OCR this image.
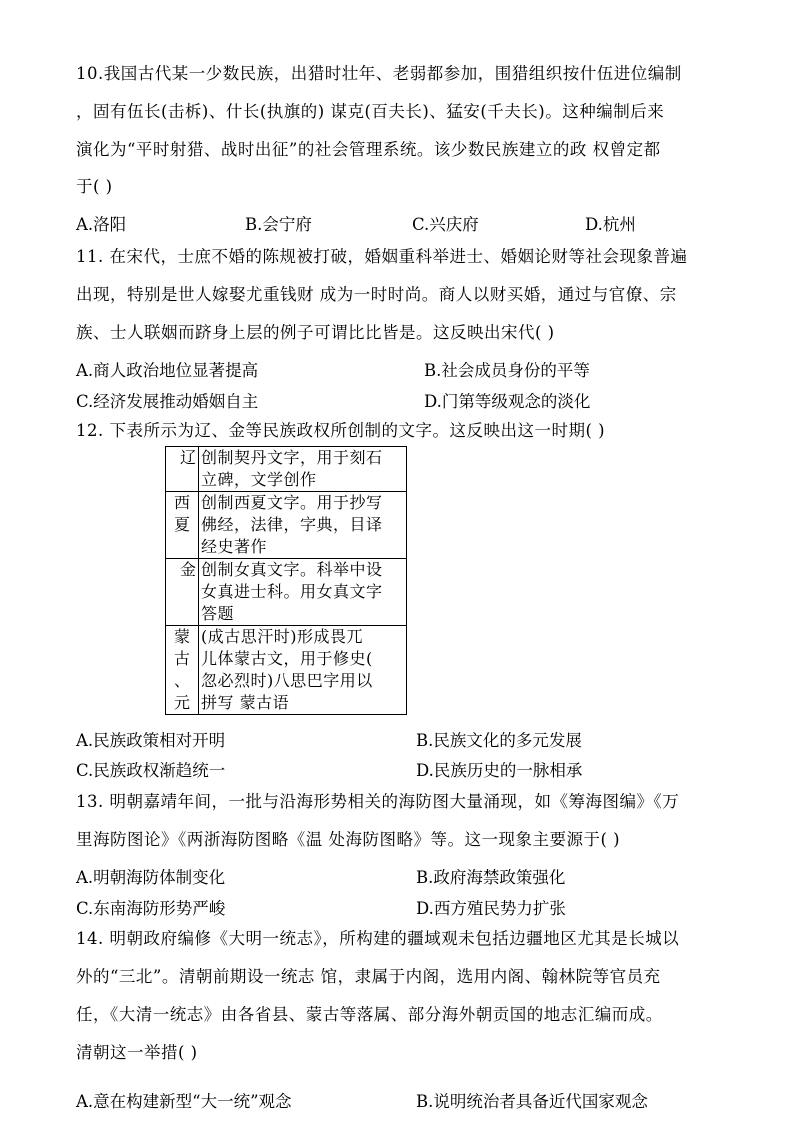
10.我国古代某一少数民族，出猎时壮年、老弱都参加，围猎组织按什伍进位编制
，固有伍长(击柝)、什长(执旗的) 谋克(百夫长)、猛安(千夫长)。这种编制后来
演化为“平时射猎、战时出征”的社会管理系统。该少数民族建立的政 权曾定都
于( )
A.洛阳	B.会宁府	C.兴庆府	D.杭州
11. 在宋代，士庶不婚的陈规被打破，婚姻重科举进士、婚姻论财等社会现象普遍
出现，特别是世人嫁娶尤重钱财 成为一时时尚。商人以财买婚，通过与官僚、宗
族、士人联姻而跻身上层的例子可谓比比皆是。这反映出宋代( )
A.商人政治地位显著提高	B.社会成员身份的平等
C.经济发展推动婚姻自主	D.门第等级观念的淡化
12. 下表所示为辽、金等民族政权所创制的文字。这反映出这一时期( )
辽	创制契丹文字，用于刻石
立碑，文学创作

西
夏	创制西夏文字。用于抄写
佛经，法律，字典，目译
经史著作

金	创制女真文字。科举中设
女真进士科。用女真文字
答题

蒙
古
、
元	(成古思汗时)形成畏兀
儿体蒙古文，用于修史(
忽必烈时)八思巴字用以
拼写 蒙古语
A.民族政策相对开明	B.民族文化的多元发展
C.民族政权渐趋统一	D.民族历史的一脉相承
13. 明朝嘉靖年间，一批与沿海形势相关的海防图大量涌现，如《筹海图编》《万
里海防图论》《两浙海防图略《温 处海防图略》等。这一现象主要源于( )
A.明朝海防体制变化	B.政府海禁政策强化
C.东南海防形势严峻	D.西方殖民势力扩张
14. 明朝政府编修《大明一统志》，所构建的疆域观未包括边疆地区尤其是长城以
外的“三北”。清朝前期设一统志 馆，隶属于内阁，选用内阁、翰林院等官员充
任，《大清一统志》由各省县、蒙古等落属、部分海外朝贡国的地志汇编而成。
清朝这一举措( )
A.意在构建新型“大一统”观念	B.说明统治者具备近代国家观念
